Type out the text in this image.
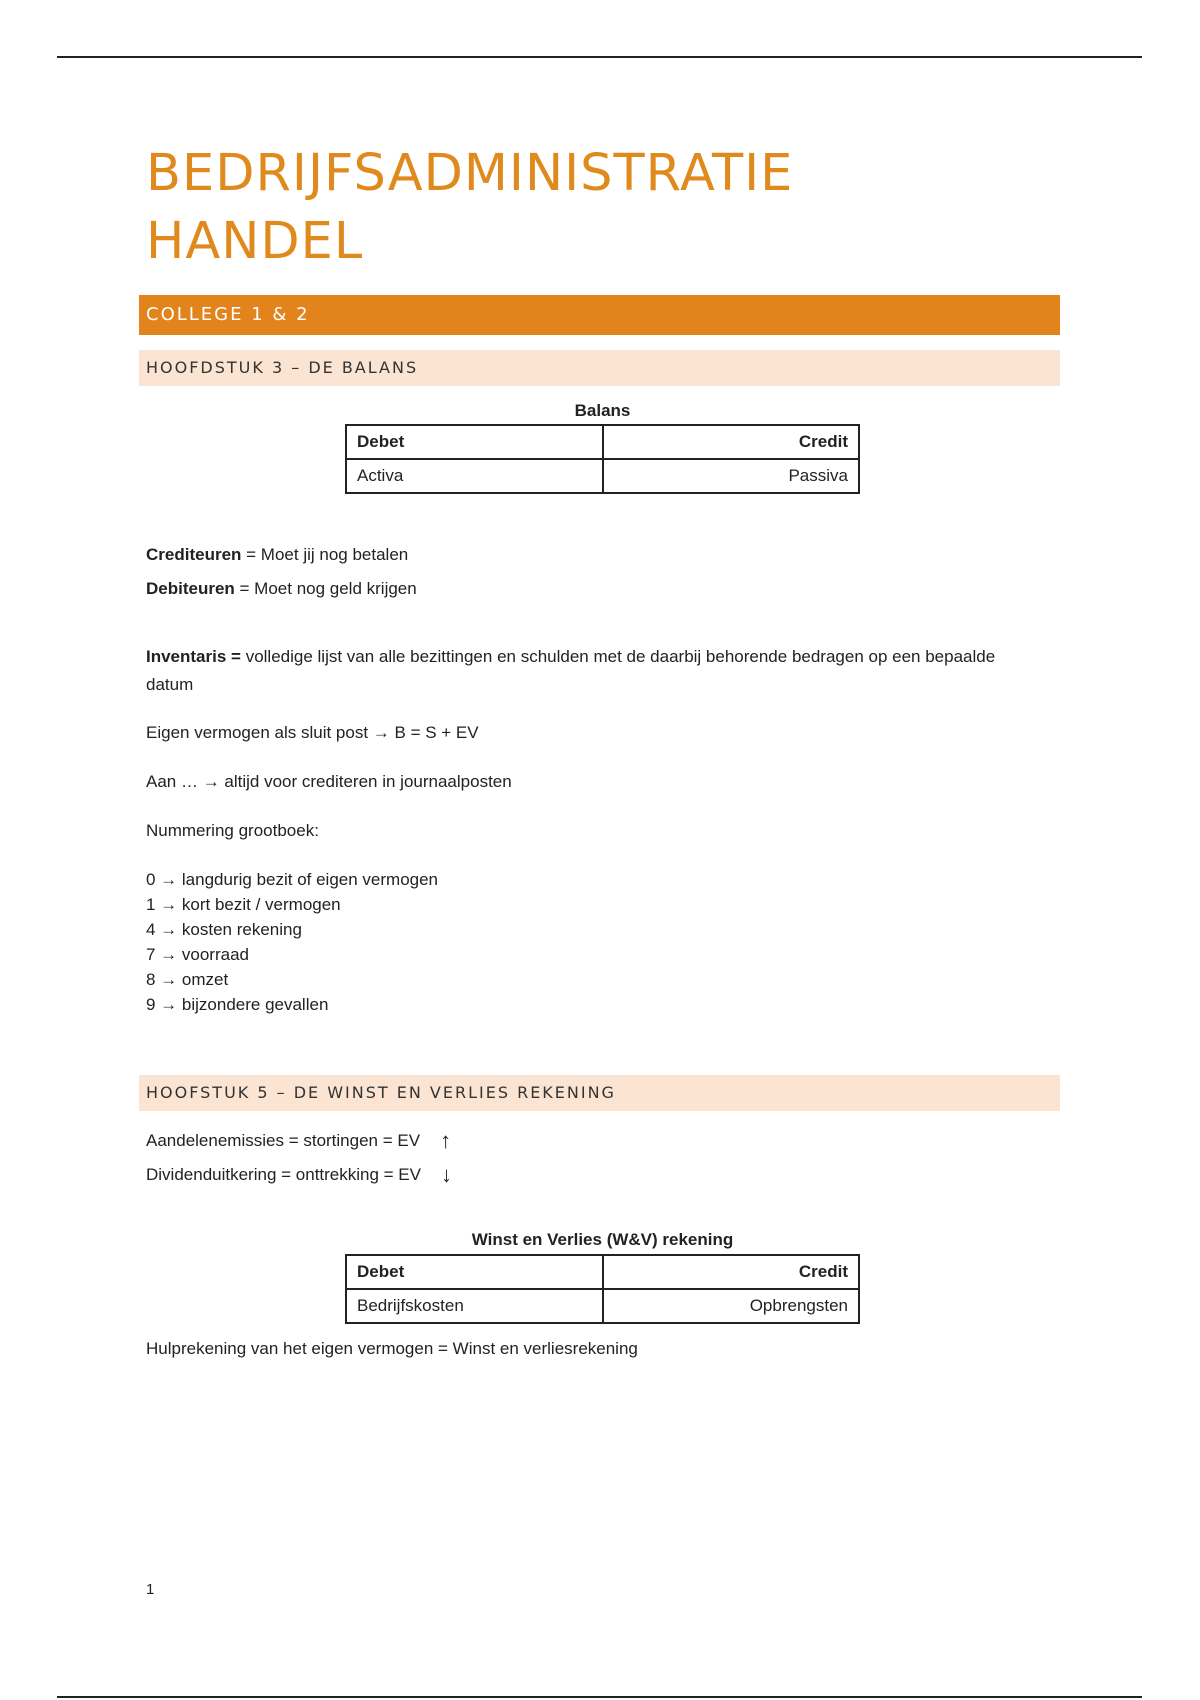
BEDRIJFSADMINISTRATIE
HANDEL
COLLEGE 1 & 2
HOOFDSTUK 3 – DE BALANS
Balans
Debet	Credit
Activa	Passiva
Crediteuren = Moet jij nog betalen
Debiteuren = Moet nog geld krijgen
Inventaris = volledige lijst van alle bezittingen en schulden met de daarbij behorende bedragen op een bepaalde datum
Eigen vermogen als sluit post → B = S + EV
Aan … → altijd voor crediteren in journaalposten
Nummering grootboek:
0 → langdurig bezit of eigen vermogen
1 → kort bezit / vermogen
4 → kosten rekening
7 → voorraad
8 → omzet
9 → bijzondere gevallen
HOOFSTUK 5 – DE WINST EN VERLIES REKENING
Aandelenemissies = stortingen = EV ↑
Dividenduitkering = onttrekking = EV ↓
Winst en Verlies (W&V) rekening
Debet	Credit
Bedrijfskosten	Opbrengsten
Hulprekening van het eigen vermogen = Winst en verliesrekening
1
